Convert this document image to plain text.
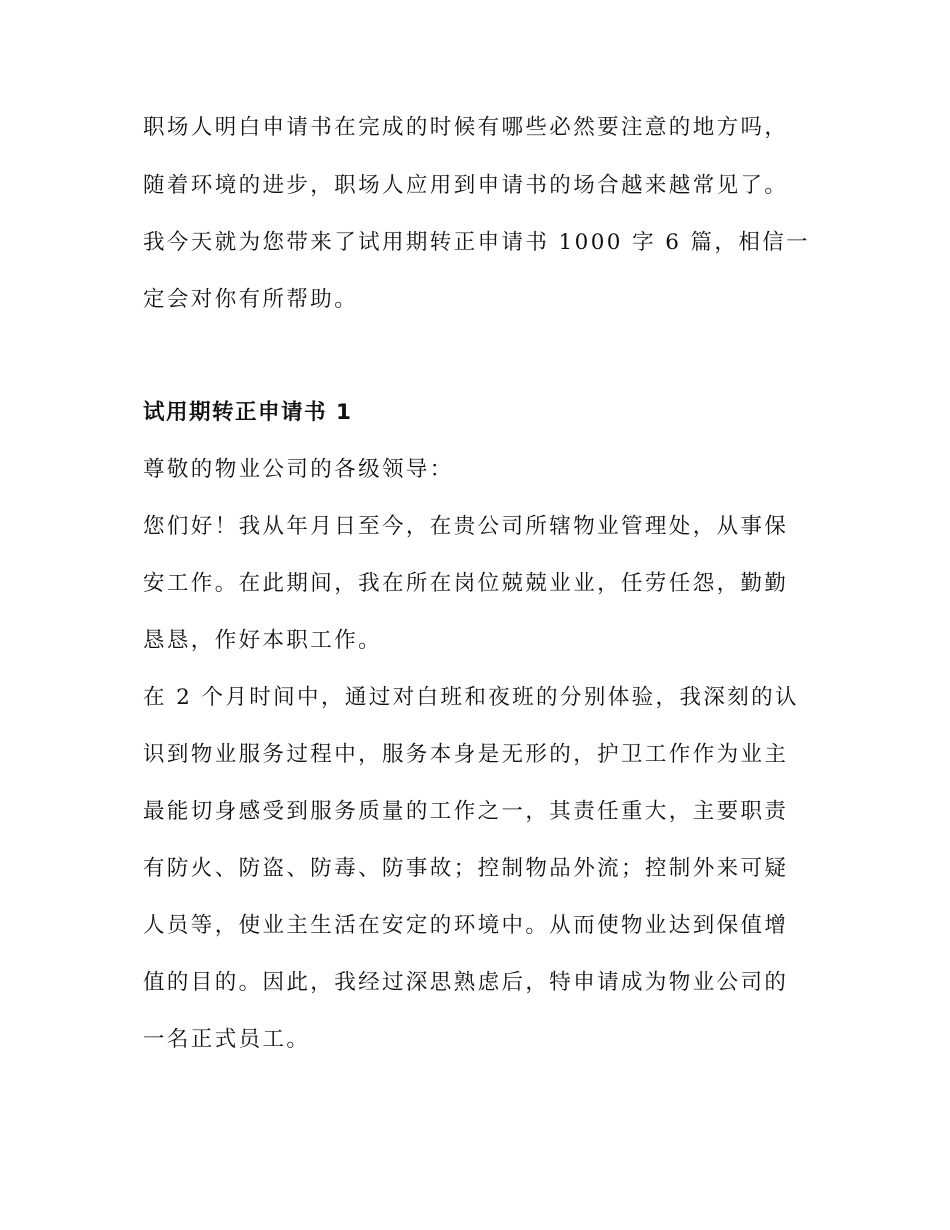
职场人明白申请书在完成的时候有哪些必然要注意的地方吗，
随着环境的进步，职场人应用到申请书的场合越来越常见了。
我今天就为您带来了试用期转正申请书 1000 字 6 篇，相信一
定会对你有所帮助。
试用期转正申请书 1
尊敬的物业公司的各级领导：
您们好！我从年月日至今，在贵公司所辖物业管理处，从事保
安工作。在此期间，我在所在岗位兢兢业业，任劳任怨，勤勤
恳恳，作好本职工作。
在 2 个月时间中，通过对白班和夜班的分别体验，我深刻的认
识到物业服务过程中，服务本身是无形的，护卫工作作为业主
最能切身感受到服务质量的工作之一，其责任重大，主要职责
有防火、防盗、防毒、防事故；控制物品外流；控制外来可疑
人员等，使业主生活在安定的环境中。从而使物业达到保值增
值的目的。因此，我经过深思熟虑后，特申请成为物业公司的
一名正式员工。
